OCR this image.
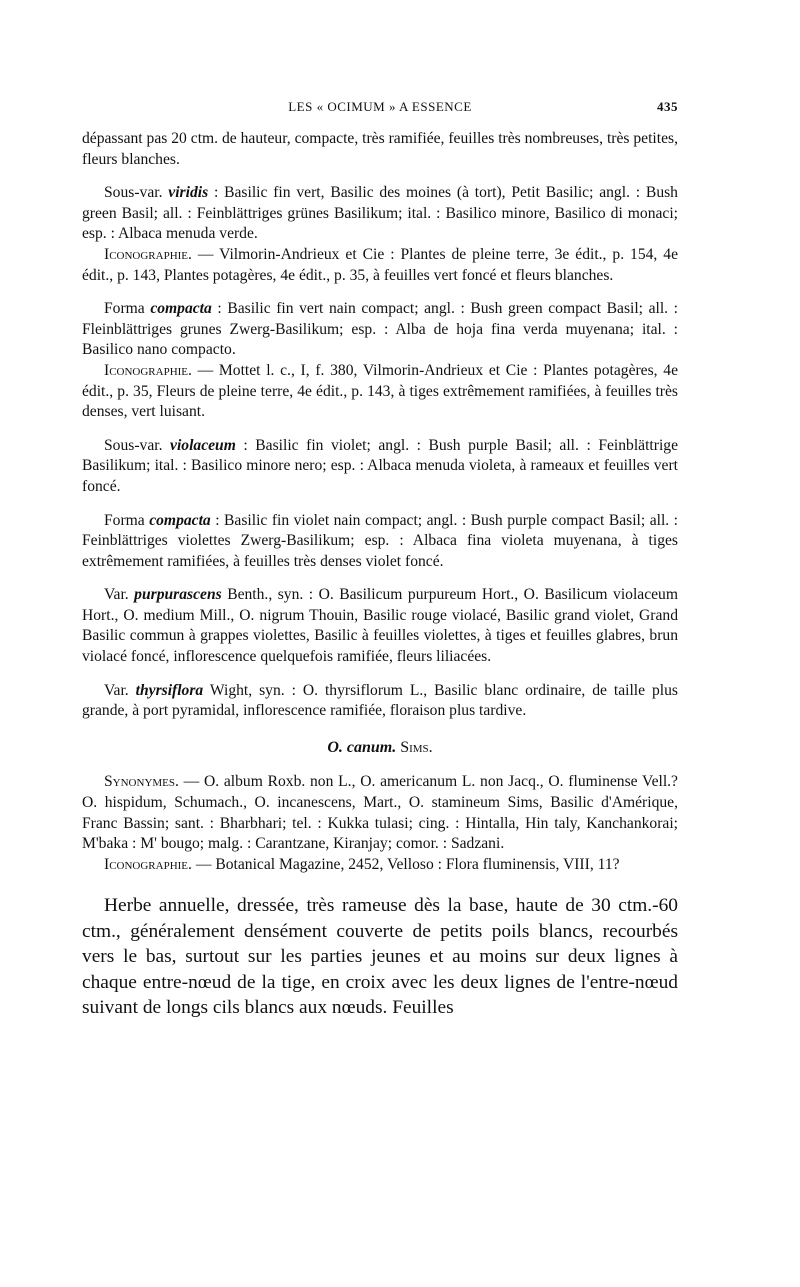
LES « OCIMUM » A ESSENCE	435

dépassant pas 20 ctm. de hauteur, compacte, très ramifiée, feuilles très nombreuses, très petites, fleurs blanches.

Sous-var. viridis : Basilic fin vert, Basilic des moines (à tort), Petit Basilic; angl. : Bush green Basil; all. : Feinblättriges grünes Basilikum; ital. : Basilico minore, Basilico di monaci; esp. : Albaca menuda verde.

Iconographie. — Vilmorin-Andrieux et Cie : Plantes de pleine terre, 3e édit., p. 154, 4e édit., p. 143, Plantes potagères, 4e édit., p. 35, à feuilles vert foncé et fleurs blanches.

Forma compacta : Basilic fin vert nain compact; angl. : Bush green compact Basil; all. : Fleinblättriges grunes Zwerg-Basilikum; esp. : Alba de hoja fina verda muyenana; ital. : Basilico nano compacto.

Iconographie. — Mottet l. c., I, f. 380, Vilmorin-Andrieux et Cie : Plantes potagères, 4e édit., p. 35, Fleurs de pleine terre, 4e édit., p. 143, à tiges extrêmement ramifiées, à feuilles très denses, vert luisant.

Sous-var. violaceum : Basilic fin violet; angl. : Bush purple Basil; all. : Feinblättrige Basilikum; ital. : Basilico minore nero; esp. : Albaca menuda violeta, à rameaux et feuilles vert foncé.

Forma compacta : Basilic fin violet nain compact; angl. : Bush purple compact Basil; all. : Feinblättriges violettes Zwerg-Basilikum; esp. : Albaca fina violeta muyenana, à tiges extrêmement ramifiées, à feuilles très denses violet foncé.

Var. purpurascens Benth., syn. : O. Basilicum purpureum Hort., O. Basilicum violaceum Hort., O. medium Mill., O. nigrum Thouin, Basilic rouge violacé, Basilic grand violet, Grand Basilic commun à grappes violettes, Basilic à feuilles violettes, à tiges et feuilles glabres, brun violacé foncé, inflorescence quelquefois ramifiée, fleurs liliacées.

Var. thyrsiflora Wight, syn. : O. thyrsiflorum L., Basilic blanc ordinaire, de taille plus grande, à port pyramidal, inflorescence ramifiée, floraison plus tardive.

O. canum. Sims.

Synonymes. — O. album Roxb. non L., O. americanum L. non Jacq., O. fluminense Vell.? O. hispidum, Schumach., O. incanescens, Mart., O. stamineum Sims, Basilic d'Amérique, Franc Bassin; sant. : Bharbhari; tel. : Kukka tulasi; cing. : Hintalla, Hin taly, Kanchankorai; M'baka : M' bougo; malg. : Carantzane, Kiranjay; comor. : Sadzani.

Iconographie. — Botanical Magazine, 2452, Velloso : Flora fluminensis, VIII, 11?

Herbe annuelle, dressée, très rameuse dès la base, haute de 30 ctm.-60 ctm., généralement densément couverte de petits poils blancs, recourbés vers le bas, surtout sur les parties jeunes et au moins sur deux lignes à chaque entre-nœud de la tige, en croix avec les deux lignes de l'entre-nœud suivant de longs cils blancs aux nœuds. Feuilles
